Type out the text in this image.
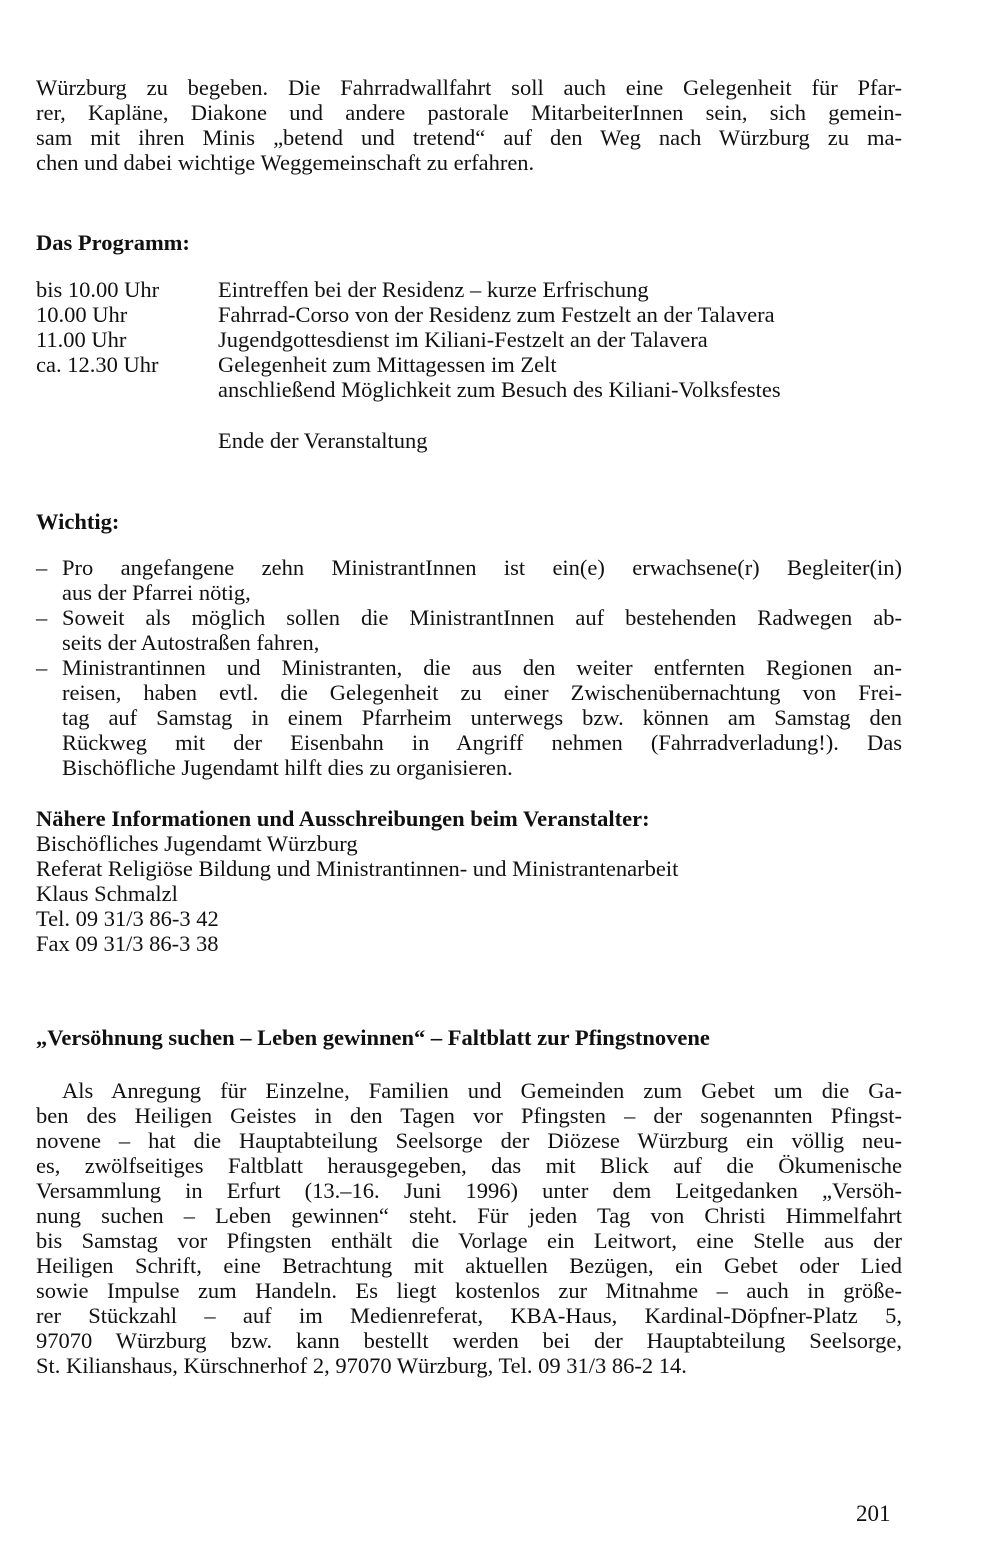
Würzburg zu begeben. Die Fahrradwallfahrt soll auch eine Gelegenheit für Pfar-
rer, Kapläne, Diakone und andere pastorale MitarbeiterInnen sein, sich gemein-
sam mit ihren Minis „betend und tretend“ auf den Weg nach Würzburg zu ma-
chen und dabei wichtige Weggemeinschaft zu erfahren.
Das Programm:
bis 10.00 Uhr	Eintreffen bei der Residenz – kurze Erfrischung
10.00 Uhr	Fahrrad-Corso von der Residenz zum Festzelt an der Talavera
11.00 Uhr	Jugendgottesdienst im Kiliani-Festzelt an der Talavera
ca. 12.30 Uhr	Gelegenheit zum Mittagessen im Zelt
anschließend Möglichkeit zum Besuch des Kiliani-Volksfestes
Ende der Veranstaltung
Wichtig:
– Pro angefangene zehn MinistrantInnen ist ein(e) erwachsene(r) Begleiter(in)
aus der Pfarrei nötig,
– Soweit als möglich sollen die MinistrantInnen auf bestehenden Radwegen ab-
seits der Autostraßen fahren,
– Ministrantinnen und Ministranten, die aus den weiter entfernten Regionen an-
reisen, haben evtl. die Gelegenheit zu einer Zwischenübernachtung von Frei-
tag auf Samstag in einem Pfarrheim unterwegs bzw. können am Samstag den
Rückweg mit der Eisenbahn in Angriff nehmen (Fahrradverladung!). Das
Bischöfliche Jugendamt hilft dies zu organisieren.
Nähere Informationen und Ausschreibungen beim Veranstalter:
Bischöfliches Jugendamt Würzburg
Referat Religiöse Bildung und Ministrantinnen- und Ministrantenarbeit
Klaus Schmalzl
Tel. 09 31/3 86-3 42
Fax 09 31/3 86-3 38
„Versöhnung suchen – Leben gewinnen“ – Faltblatt zur Pfingstnovene
Als Anregung für Einzelne, Familien und Gemeinden zum Gebet um die Ga-
ben des Heiligen Geistes in den Tagen vor Pfingsten – der sogenannten Pfingst-
novene – hat die Hauptabteilung Seelsorge der Diözese Würzburg ein völlig neu-
es, zwölfseitiges Faltblatt herausgegeben, das mit Blick auf die Ökumenische
Versammlung in Erfurt (13.–16. Juni 1996) unter dem Leitgedanken „Versöh-
nung suchen – Leben gewinnen“ steht. Für jeden Tag von Christi Himmelfahrt
bis Samstag vor Pfingsten enthält die Vorlage ein Leitwort, eine Stelle aus der
Heiligen Schrift, eine Betrachtung mit aktuellen Bezügen, ein Gebet oder Lied
sowie Impulse zum Handeln. Es liegt kostenlos zur Mitnahme – auch in größe-
rer Stückzahl – auf im Medienreferat, KBA-Haus, Kardinal-Döpfner-Platz 5,
97070 Würzburg bzw. kann bestellt werden bei der Hauptabteilung Seelsorge,
St. Kilianshaus, Kürschnerhof 2, 97070 Würzburg, Tel. 09 31/3 86-2 14.
201
